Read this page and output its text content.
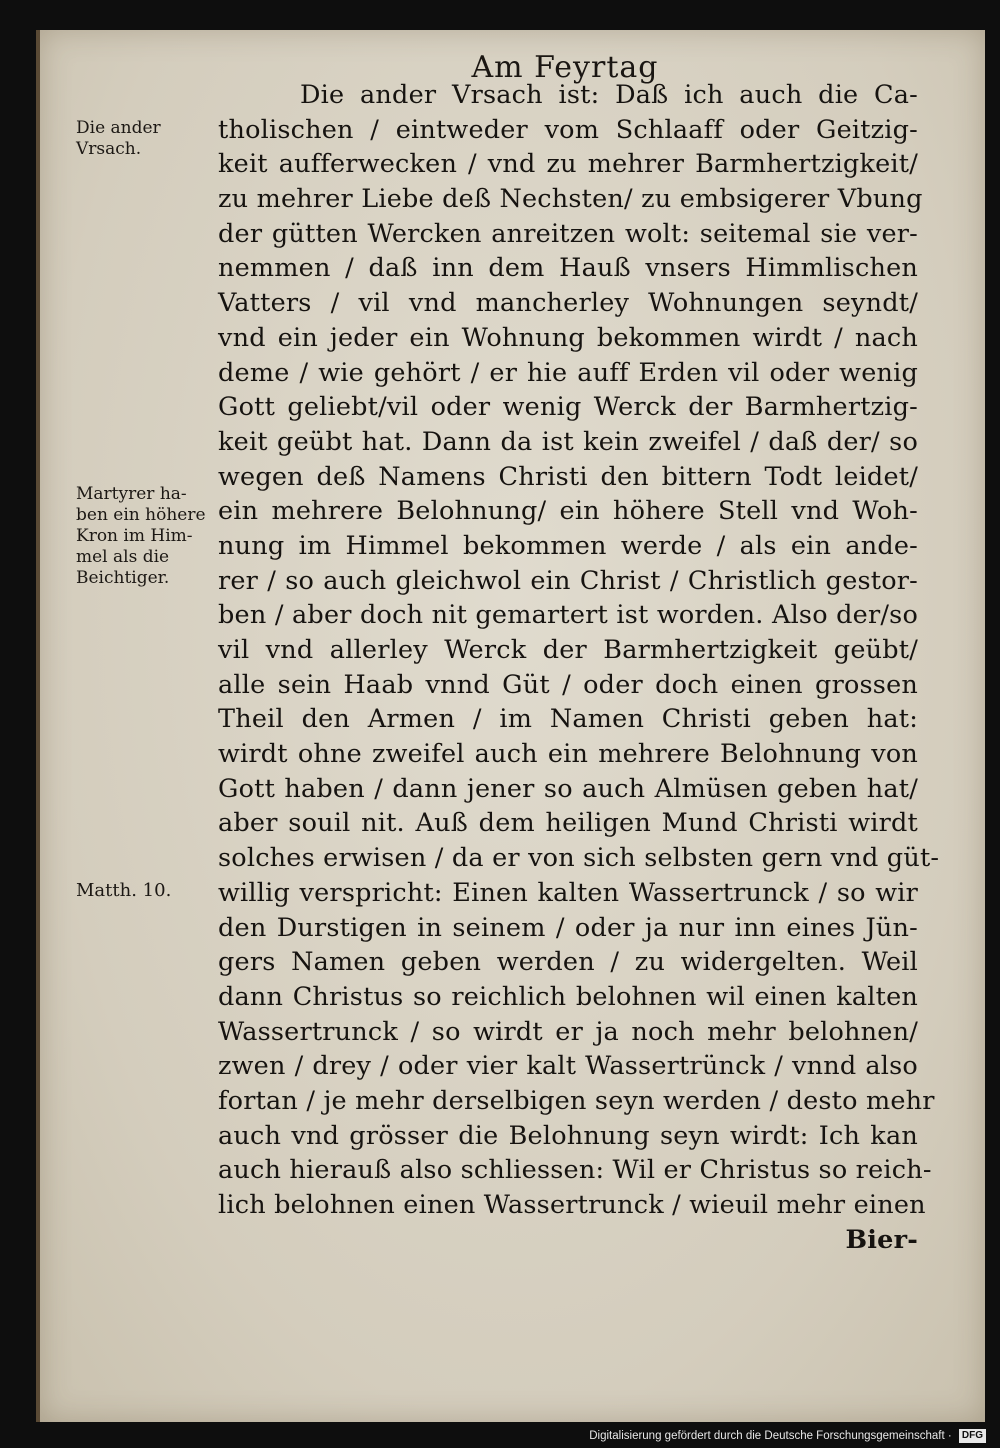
Am Feyrtag
Die ander Vrsach ist: Daß ich auch die Ca-
tholischen / eintweder vom Schlaaff oder Geitzig-
keit aufferwecken / vnd zu mehrer Barmhertzigkeit/
zu mehrer Liebe deß Nechsten/ zu embsigerer Vbung
der gütten Wercken anreitzen wolt: seitemal sie ver-
nemmen / daß inn dem Hauß vnsers Himmlischen
Vatters / vil vnd mancherley Wohnungen seyndt/
vnd ein jeder ein Wohnung bekommen wirdt / nach
deme / wie gehört / er hie auff Erden vil oder wenig
Gott geliebt/vil oder wenig Werck der Barmhertzig-
keit geübt hat. Dann da ist kein zweifel / daß der/ so
wegen deß Namens Christi den bittern Todt leidet/
ein mehrere Belohnung/ ein höhere Stell vnd Woh-
nung im Himmel bekommen werde / als ein ande-
rer / so auch gleichwol ein Christ / Christlich gestor-
ben / aber doch nit gemartert ist worden. Also der/so
vil vnd allerley Werck der Barmhertzigkeit geübt/
alle sein Haab vnnd Güt / oder doch einen grossen
Theil den Armen / im Namen Christi geben hat:
wirdt ohne zweifel auch ein mehrere Belohnung von
Gott haben / dann jener so auch Almüsen geben hat/
aber souil nit. Auß dem heiligen Mund Christi wirdt
solches erwisen / da er von sich selbsten gern vnd güt-
willig verspricht: Einen kalten Wassertrunck / so wir
den Durstigen in seinem / oder ja nur inn eines Jün-
gers Namen geben werden / zu widergelten. Weil
dann Christus so reichlich belohnen wil einen kalten
Wassertrunck / so wirdt er ja noch mehr belohnen/
zwen / drey / oder vier kalt Wassertrünck / vnnd also
fortan / je mehr derselbigen seyn werden / desto mehr
auch vnd grösser die Belohnung seyn wirdt: Ich kan
auch hierauß also schliessen: Wil er Christus so reich-
lich belohnen einen Wassertrunck / wieuil mehr einen
Bier-
Die ander
Vrsach.
Martyrer ha-
ben ein höhere
Kron im Him-
mel als die
Beichtiger.
Matth. 10.
Digitalisierung gefördert durch die Deutsche Forschungsgemeinschaft · DFG
